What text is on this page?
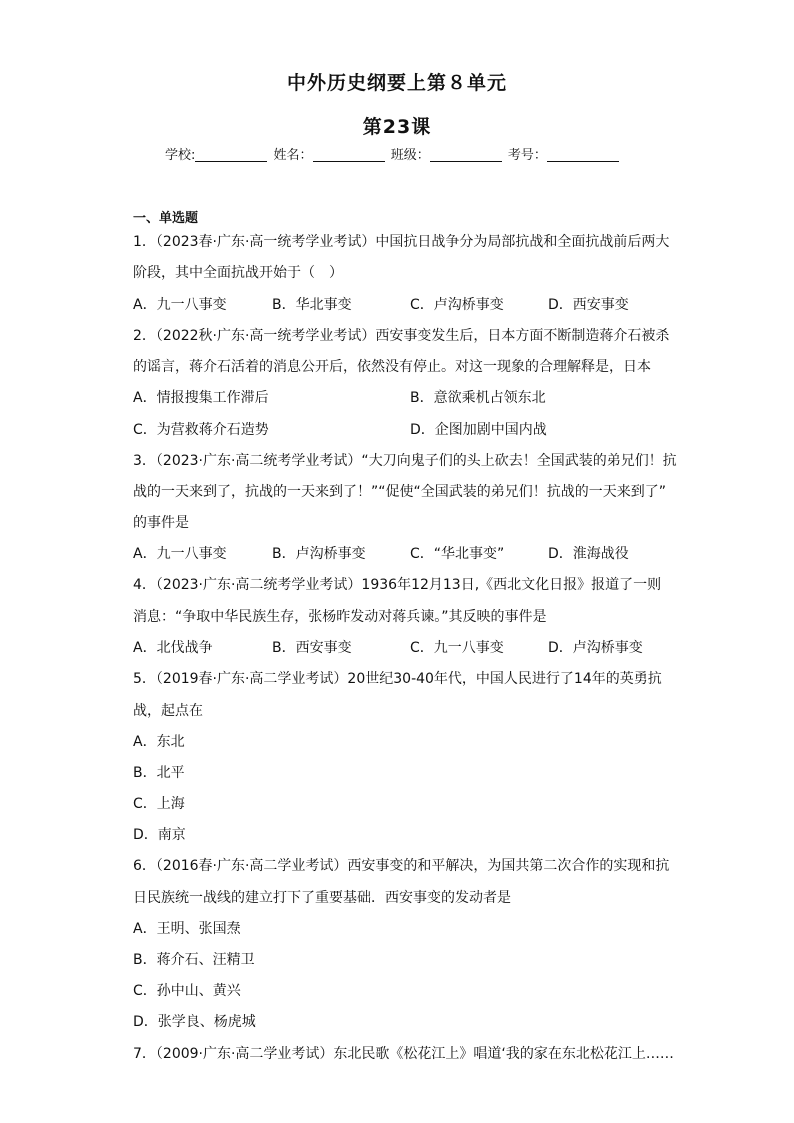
中外历史纲要上第８单元
第23课
学校:	姓名：	班级：	考号：
一、单选题
1．（2023春·广东·高一统考学业考试）中国抗日战争分为局部抗战和全面抗战前后两大
阶段，其中全面抗战开始于（　）
A．九一八事变	B．华北事变	C．卢沟桥事变	D．西安事变
2．（2022秋·广东·高一统考学业考试）西安事变发生后，日本方面不断制造蒋介石被杀
的谣言，蒋介石活着的消息公开后，依然没有停止。对这一现象的合理解释是，日本
A．情报搜集工作滞后	B．意欲乘机占领东北
C．为营救蒋介石造势	D．企图加剧中国内战
3．（2023·广东·高二统考学业考试）“大刀向鬼子们的头上砍去！全国武装的弟兄们！抗
战的一天来到了，抗战的一天来到了！”“促使“全国武装的弟兄们！抗战的一天来到了”
的事件是
A．九一八事变	B．卢沟桥事变	C．“华北事变”	D．淮海战役
4．（2023·广东·高二统考学业考试）1936年12月13日,《西北文化日报》报道了一则
消息：“争取中华民族生存，张杨昨发动对蒋兵谏。”其反映的事件是
A．北伐战争	B．西安事变	C．九一八事变	D．卢沟桥事变
5．（2019春·广东·高二学业考试）20世纪30-40年代，中国人民进行了14年的英勇抗
战，起点在
A．东北
B．北平
C．上海
D．南京
6．（2016春·广东·高二学业考试）西安事变的和平解决，为国共第二次合作的实现和抗
日民族统一战线的建立打下了重要基础．西安事变的发动者是
A．王明、张国焘
B．蒋介石、汪精卫
C．孙中山、黄兴
D．张学良、杨虎城
7．（2009·广东·高二学业考试）东北民歌《松花江上》唱道‘我的家在东北松花江上……
